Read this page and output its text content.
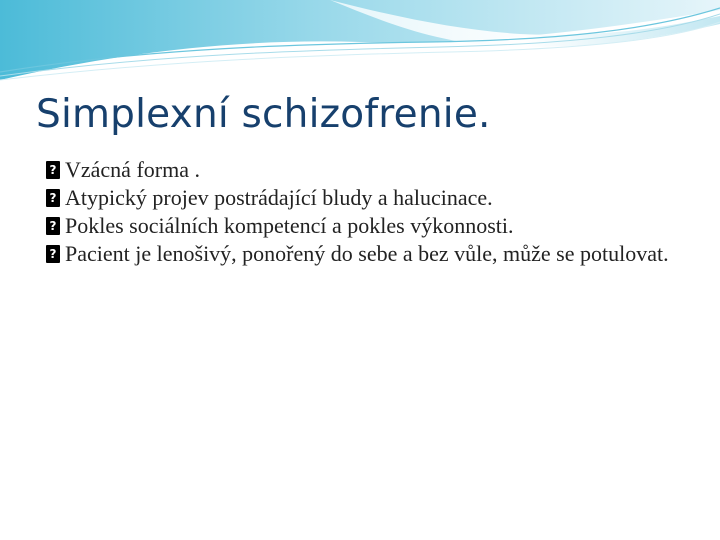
Simplexní schizofrenie.
?
Vzácná forma .
?
Atypický projev postrádající bludy a halucinace.
?
Pokles sociálních kompetencí a pokles výkonnosti.
?
Pacient je lenošivý, ponořený do sebe a bez vůle, může se potulovat.
